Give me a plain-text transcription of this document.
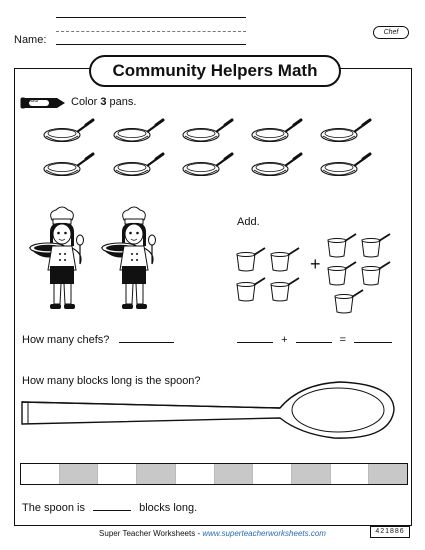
Name:
Chef
Community Helpers Math
Color	Color 3 pans.
Add.
+
How many chefs?	+	=
How many blocks long is the spoon?
The spoon is	blocks long.
Super Teacher Worksheets - www.superteacherworksheets.com	421886
